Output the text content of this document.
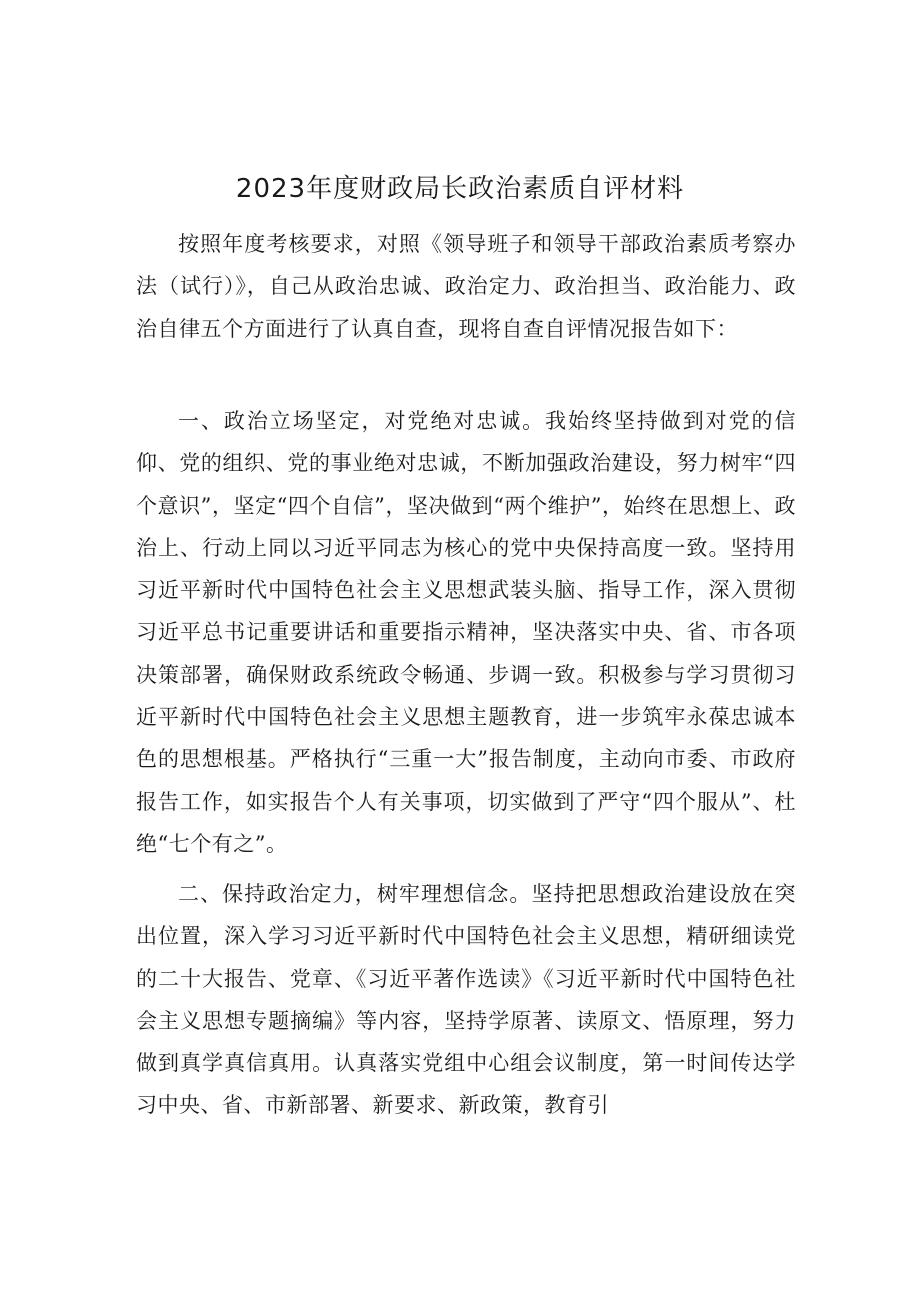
2023年度财政局长政治素质自评材料

按照年度考核要求，对照《领导班子和领导干部政治素质考察办法（试行）》，自己从政治忠诚、政治定力、政治担当、政治能力、政治自律五个方面进行了认真自查，现将自查自评情况报告如下：

一、政治立场坚定，对党绝对忠诚。我始终坚持做到对党的信仰、党的组织、党的事业绝对忠诚，不断加强政治建设，努力树牢“四个意识”，坚定“四个自信”，坚决做到“两个维护”，始终在思想上、政治上、行动上同以习近平同志为核心的党中央保持高度一致。坚持用习近平新时代中国特色社会主义思想武装头脑、指导工作，深入贯彻习近平总书记重要讲话和重要指示精神，坚决落实中央、省、市各项决策部署，确保财政系统政令畅通、步调一致。积极参与学习贯彻习近平新时代中国特色社会主义思想主题教育，进一步筑牢永葆忠诚本色的思想根基。严格执行“三重一大”报告制度，主动向市委、市政府报告工作，如实报告个人有关事项，切实做到了严守“四个服从”、杜绝“七个有之”。

二、保持政治定力，树牢理想信念。坚持把思想政治建设放在突出位置，深入学习习近平新时代中国特色社会主义思想，精研细读党的二十大报告、党章、《习近平著作选读》《习近平新时代中国特色社会主义思想专题摘编》等内容，坚持学原著、读原文、悟原理，努力做到真学真信真用。认真落实党组中心组会议制度，第一时间传达学习中央、省、市新部署、新要求、新政策，教育引
